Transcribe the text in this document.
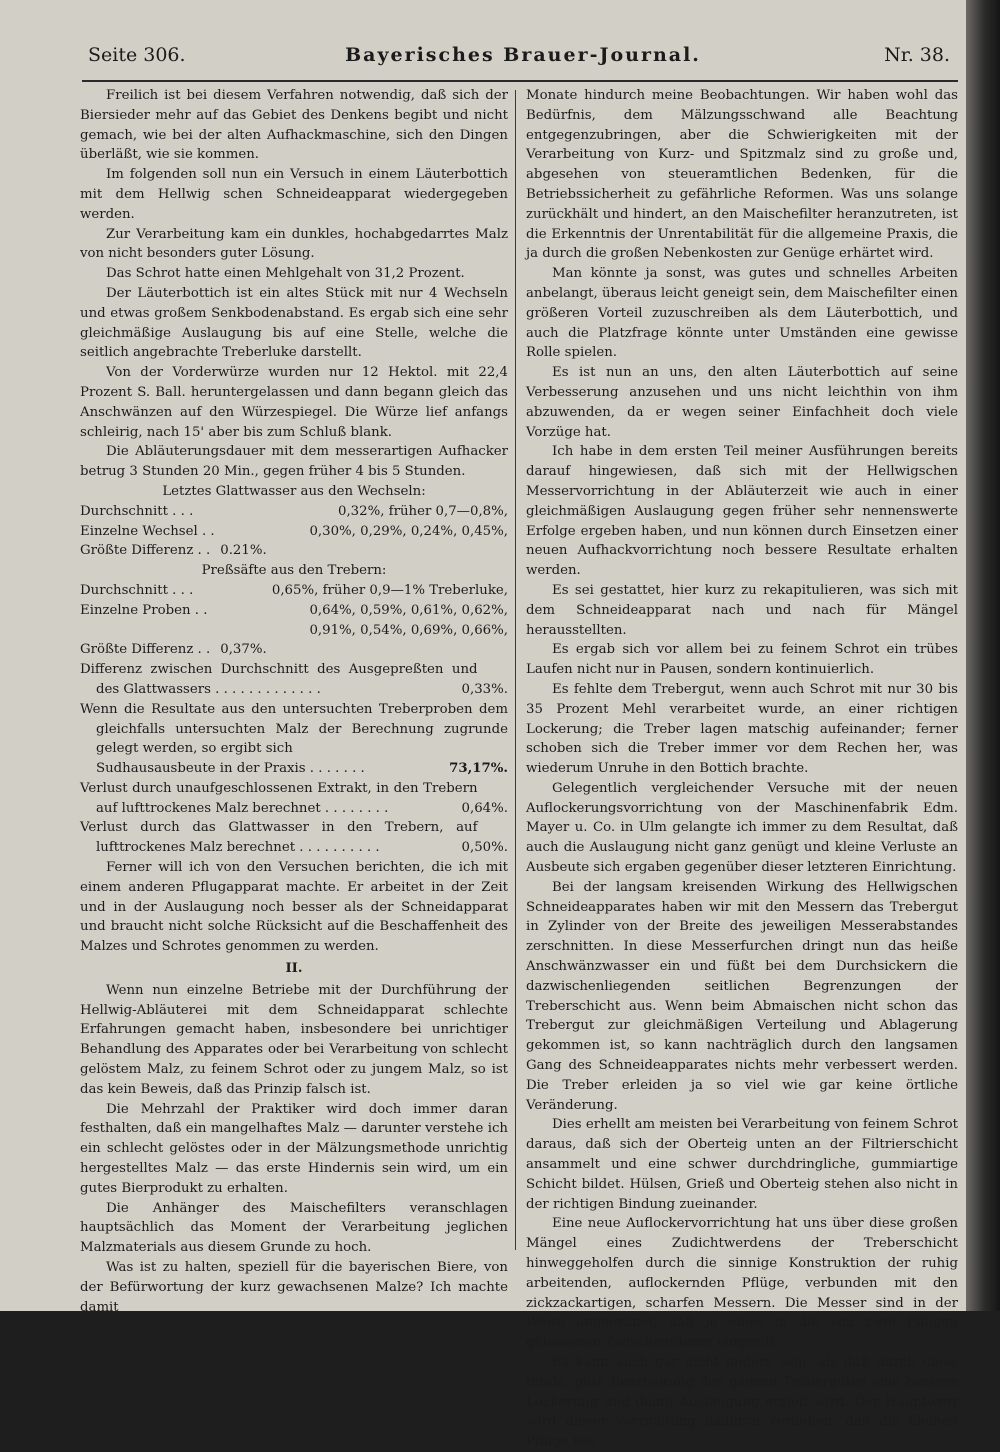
Seite 306.	Bayerisches Brauer-Journal.	Nr. 38.

Freilich ist bei diesem Verfahren notwendig, daß sich der Biersieder mehr auf das Gebiet des Denkens begibt und nicht gemach, wie bei der alten Aufhackmaschine, sich den Dingen überläßt, wie sie kommen.

Im folgenden soll nun ein Versuch in einem Läuterbottich mit dem Hellwig schen Schneideapparat wiedergegeben werden.

Zur Verarbeitung kam ein dunkles, hochabgedarrtes Malz von nicht besonders guter Lösung.

Das Schrot hatte einen Mehlgehalt von 31,2 Prozent.

Der Läuterbottich ist ein altes Stück mit nur 4 Wechseln und etwas großem Senkbodenabstand. Es ergab sich eine sehr gleichmäßige Auslaugung bis auf eine Stelle, welche die seitlich angebrachte Treberluke darstellt.

Von der Vorderwürze wurden nur 12 Hektol. mit 22,4 Prozent S. Ball. heruntergelassen und dann begann gleich das Anschwänzen auf den Würzespiegel. Die Würze lief anfangs schleirig, nach 15' aber bis zum Schluß blank.

Die Abläuterungsdauer mit dem messerartigen Aufhacker betrug 3 Stunden 20 Min., gegen früher 4 bis 5 Stunden.

Letztes Glattwasser aus den Wechseln:

Durchschnitt . . .	0,32%, früher 0,7—0,8%,
Einzelne Wechsel . .	0,30%, 0,29%, 0,24%, 0,45%,
Größte Differenz . . 0.21%.

Preßsäfte aus den Trebern:

Durchschnitt . . .	0,65%, früher 0,9—1% Treberluke,
Einzelne Proben . .	0,64%, 0,59%, 0,61%, 0,62%,
0,91%, 0,54%, 0,69%, 0,66%,
Größte Differenz . . 0,37%.
Differenz zwischen Durchschnitt des Ausgepreßten und des Glattwassers . . . . . . . . . . . . .	0,33%.

Wenn die Resultate aus den untersuchten Treberproben dem gleichfalls untersuchten Malz der Berechnung zugrunde gelegt werden, so ergibt sich

Sudhausausbeute in der Praxis . . . . . . .	73,17%.
Verlust durch unaufgeschlossenen Extrakt, in den Trebern auf lufttrockenes Malz berechnet . . . . . . . .	0,64%.
Verlust durch das Glattwasser in den Trebern, auf lufttrockenes Malz berechnet . . . . . . . . . .	0,50%.

Ferner will ich von den Versuchen berichten, die ich mit einem anderen Pflugapparat machte. Er arbeitet in der Zeit und in der Auslaugung noch besser als der Schneidapparat und braucht nicht solche Rücksicht auf die Beschaffenheit des Malzes und Schrotes genommen zu werden.

II.

Wenn nun einzelne Betriebe mit der Durchführung der Hellwig-Abläuterei mit dem Schneidapparat schlechte Erfahrungen gemacht haben, insbesondere bei unrichtiger Behandlung des Apparates oder bei Verarbeitung von schlecht gelöstem Malz, zu feinem Schrot oder zu jungem Malz, so ist das kein Beweis, daß das Prinzip falsch ist.

Die Mehrzahl der Praktiker wird doch immer daran festhalten, daß ein mangelhaftes Malz — darunter verstehe ich ein schlecht gelöstes oder in der Mälzungsmethode unrichtig hergestelltes Malz — das erste Hindernis sein wird, um ein gutes Bierprodukt zu erhalten.

Die Anhänger des Maischefilters veranschlagen hauptsächlich das Moment der Verarbeitung jeglichen Malzmaterials aus diesem Grunde zu hoch.

Was ist zu halten, speziell für die bayerischen Biere, von der Befürwortung der kurz gewachsenen Malze? Ich machte damit

Monate hindurch meine Beobachtungen. Wir haben wohl das Bedürfnis, dem Mälzungsschwand alle Beachtung entgegenzubringen, aber die Schwierigkeiten mit der Verarbeitung von Kurz- und Spitzmalz sind zu große und, abgesehen von steueramtlichen Bedenken, für die Betriebssicherheit zu gefährliche Reformen. Was uns solange zurückhält und hindert, an den Maischefilter heranzutreten, ist die Erkenntnis der Unrentabilität für die allgemeine Praxis, die ja durch die großen Nebenkosten zur Genüge erhärtet wird.

Man könnte ja sonst, was gutes und schnelles Arbeiten anbelangt, überaus leicht geneigt sein, dem Maischefilter einen größeren Vorteil zuzuschreiben als dem Läuterbottich, und auch die Platzfrage könnte unter Umständen eine gewisse Rolle spielen.

Es ist nun an uns, den alten Läuterbottich auf seine Verbesserung anzusehen und uns nicht leichthin von ihm abzuwenden, da er wegen seiner Einfachheit doch viele Vorzüge hat.

Ich habe in dem ersten Teil meiner Ausführungen bereits darauf hingewiesen, daß sich mit der Hellwigschen Messervorrichtung in der Abläuterzeit wie auch in einer gleichmäßigen Auslaugung gegen früher sehr nennenswerte Erfolge ergeben haben, und nun können durch Einsetzen einer neuen Aufhackvorrichtung noch bessere Resultate erhalten werden.

Es sei gestattet, hier kurz zu rekapitulieren, was sich mit dem Schneideapparat nach und nach für Mängel herausstellten.

Es ergab sich vor allem bei zu feinem Schrot ein trübes Laufen nicht nur in Pausen, sondern kontinuierlich.

Es fehlte dem Trebergut, wenn auch Schrot mit nur 30 bis 35 Prozent Mehl verarbeitet wurde, an einer richtigen Lockerung; die Treber lagen matschig aufeinander; ferner schoben sich die Treber immer vor dem Rechen her, was wiederum Unruhe in den Bottich brachte.

Gelegentlich vergleichender Versuche mit der neuen Auflockerungsvorrichtung von der Maschinenfabrik Edm. Mayer u. Co. in Ulm gelangte ich immer zu dem Resultat, daß auch die Auslaugung nicht ganz genügt und kleine Verluste an Ausbeute sich ergaben gegenüber dieser letzteren Einrichtung.

Bei der langsam kreisenden Wirkung des Hellwigschen Schneideapparates haben wir mit den Messern das Trebergut in Zylinder von der Breite des jeweiligen Messerabstandes zerschnitten. In diese Messerfurchen dringt nun das heiße Anschwänzwasser ein und füßt bei dem Durchsickern die dazwischenliegenden seitlichen Begrenzungen der Treberschicht aus. Wenn beim Abmaischen nicht schon das Trebergut zur gleichmäßigen Verteilung und Ablagerung gekommen ist, so kann nachträglich durch den langsamen Gang des Schneideapparates nichts mehr verbessert werden. Die Treber erleiden ja so viel wie gar keine örtliche Veränderung.

Dies erhellt am meisten bei Verarbeitung von feinem Schrot daraus, daß sich der Oberteig unten an der Filtrierschicht ansammelt und eine schwer durchdringliche, gummiartige Schicht bildet. Hülsen, Grieß und Oberteig stehen also nicht in der richtigen Bindung zueinander.

Eine neue Auflockervorrichtung hat uns über diese großen Mängel eines Zudichtwerdens der Treberschicht hinweggeholfen durch die sinnige Konstruktion der ruhig arbeitenden, auflockernden Pflüge, verbunden mit den zickzackartigen, scharfen Messern. Die Messer sind in der Weise angeordnet, daß je eines in die von zwei Pflügen gelassenen Zwischenräume eingreift.

Es kann auch gar nicht anders sein, als daß durch diese totale, gute Bearbeitung des ganzen Trebergutes eine bessere Lockerung und damit Auslaugung erzielt wird. Der Hauptwert wird dieser Vorrichtung dadurch verliehen, daß die kleinen Pflüge wie
